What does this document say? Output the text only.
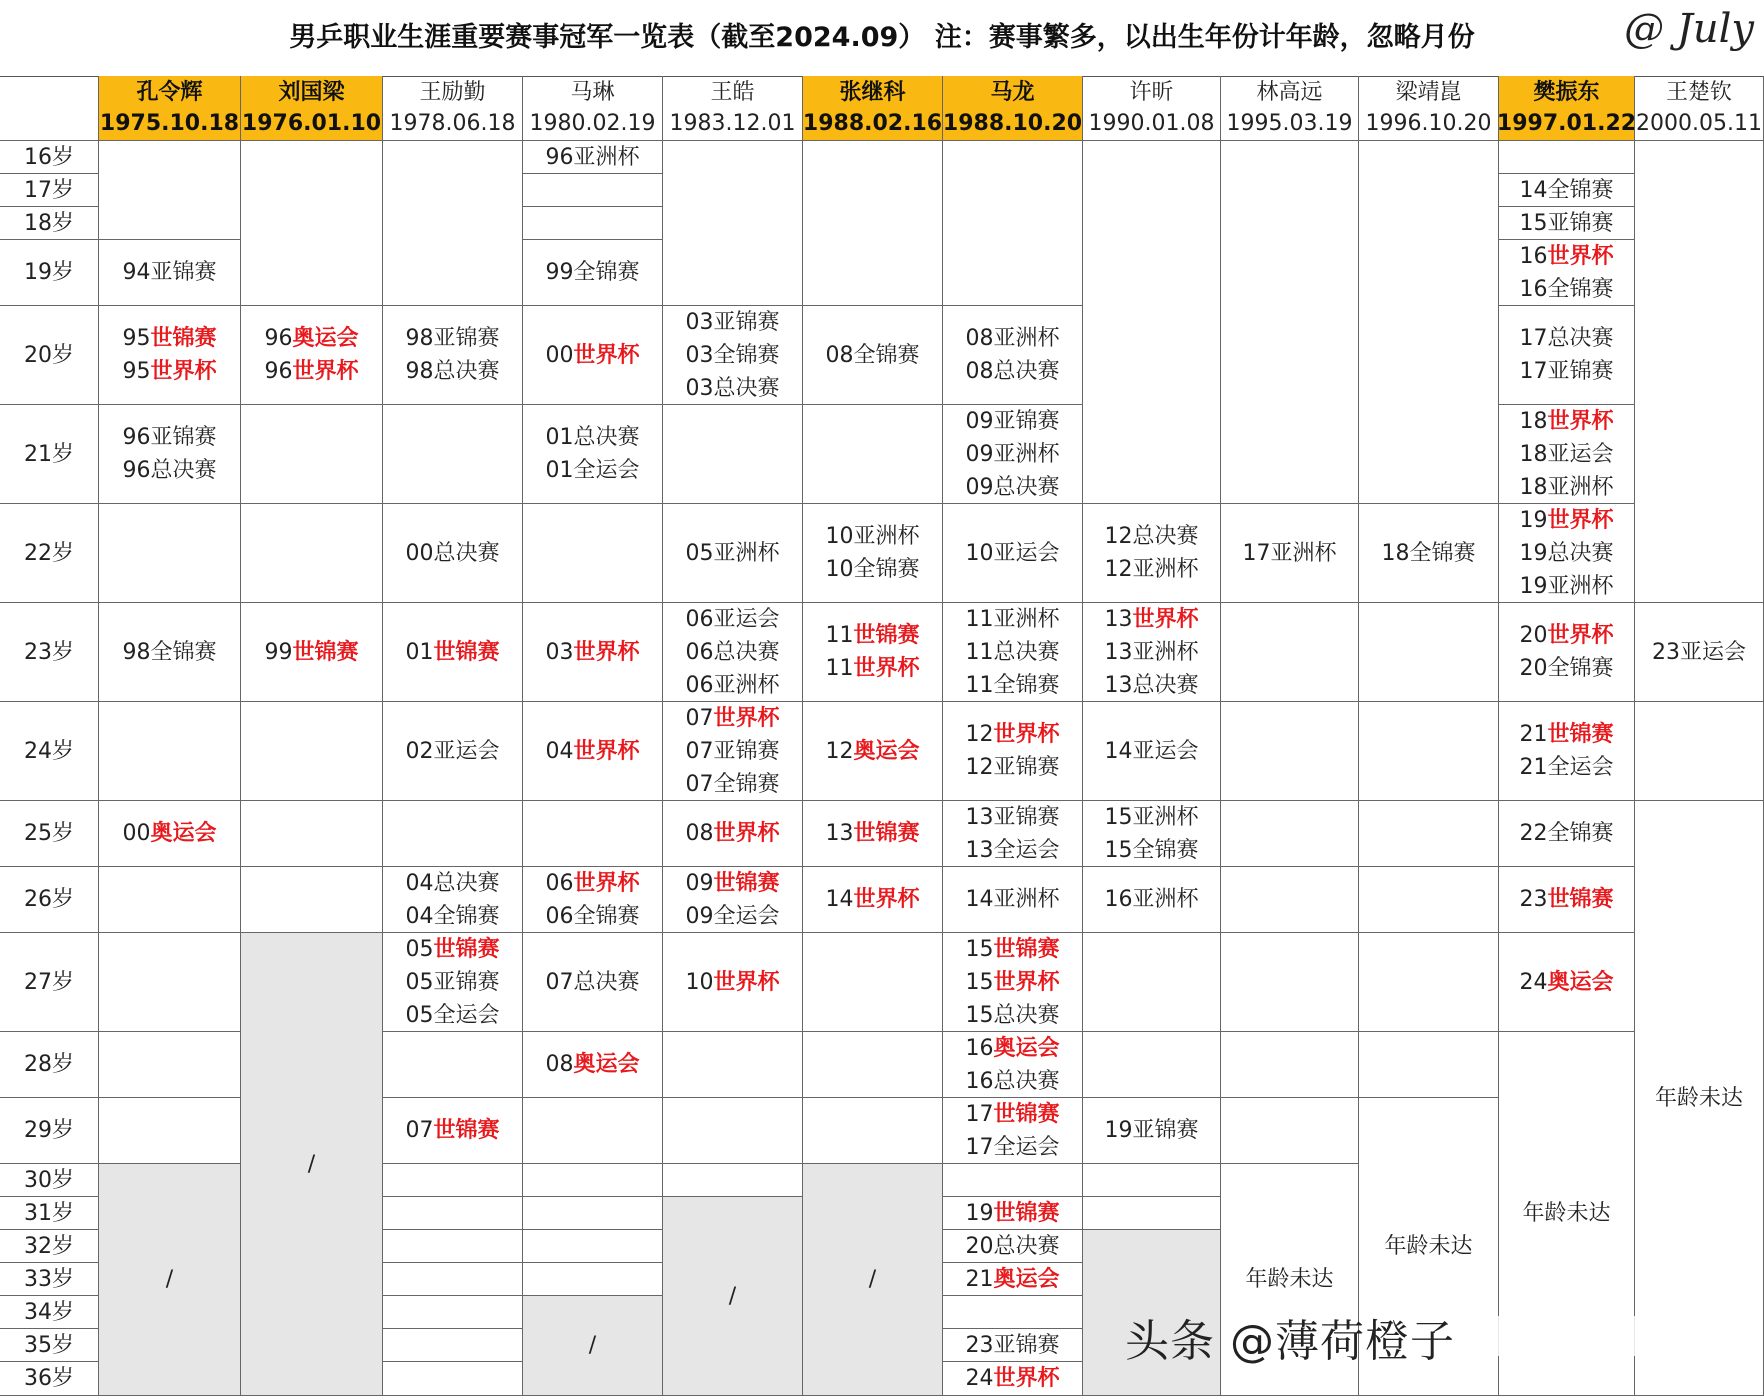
男乒职业生涯重要赛事冠军一览表（截至2024.09） 注：赛事繁多，以出生年份计年龄，忽略月份	@ July
孔令辉
1975.10.18
刘国梁
1976.01.10
王励勤
1978.06.18
马琳
1980.02.19
王皓
1983.12.01
张继科
1988.02.16
马龙
1988.10.20
许昕
1990.01.08
林高远
1995.03.19
梁靖崑
1996.10.20
樊振东
1997.01.22
王楚钦
2000.05.11
16岁
17岁
18岁
19岁
20岁
21岁
22岁
23岁
24岁
25岁
26岁
27岁
28岁
29岁
30岁
31岁
32岁
33岁
34岁
35岁
36岁
94亚锦赛
95世锦赛
95世界杯
96亚锦赛
96总决赛
98全锦赛
00奥运会
/
96奥运会
96世界杯
99世锦赛
/
98亚锦赛
98总决赛
00总决赛
01世锦赛
02亚运会
04总决赛
04全锦赛
05世锦赛
05亚锦赛
05全运会
07世锦赛
96亚洲杯
99全锦赛
00世界杯
01总决赛
01全运会
03世界杯
04世界杯
06世界杯
06全锦赛
07总决赛
08奥运会
/
03亚锦赛
03全锦赛
03总决赛
05亚洲杯
06亚运会
06总决赛
06亚洲杯
07世界杯
07亚锦赛
07全锦赛
08世界杯
09世锦赛
09全运会
10世界杯
/
08全锦赛
10亚洲杯
10全锦赛
11世锦赛
11世界杯
12奥运会
13世锦赛
14世界杯
/
08亚洲杯
08总决赛
09亚锦赛
09亚洲杯
09总决赛
10亚运会
11亚洲杯
11总决赛
11全锦赛
12世界杯
12亚锦赛
13亚锦赛
13全运会
14亚洲杯
15世锦赛
15世界杯
15总决赛
16奥运会
16总决赛
17世锦赛
17全运会
19世锦赛
20总决赛
21奥运会
23亚锦赛
24世界杯
12总决赛
12亚洲杯
13世界杯
13亚洲杯
13总决赛
14亚运会
15亚洲杯
15全锦赛
16亚洲杯
19亚锦赛
17亚洲杯
年龄未达
18全锦赛
年龄未达
14全锦赛
15亚锦赛
16世界杯
16全锦赛
17总决赛
17亚锦赛
18世界杯
18亚运会
18亚洲杯
19世界杯
19总决赛
19亚洲杯
20世界杯
20全锦赛
21世锦赛
21全运会
22全锦赛
23世锦赛
24奥运会
年龄未达
23亚运会
年龄未达
头条 @薄荷橙子
